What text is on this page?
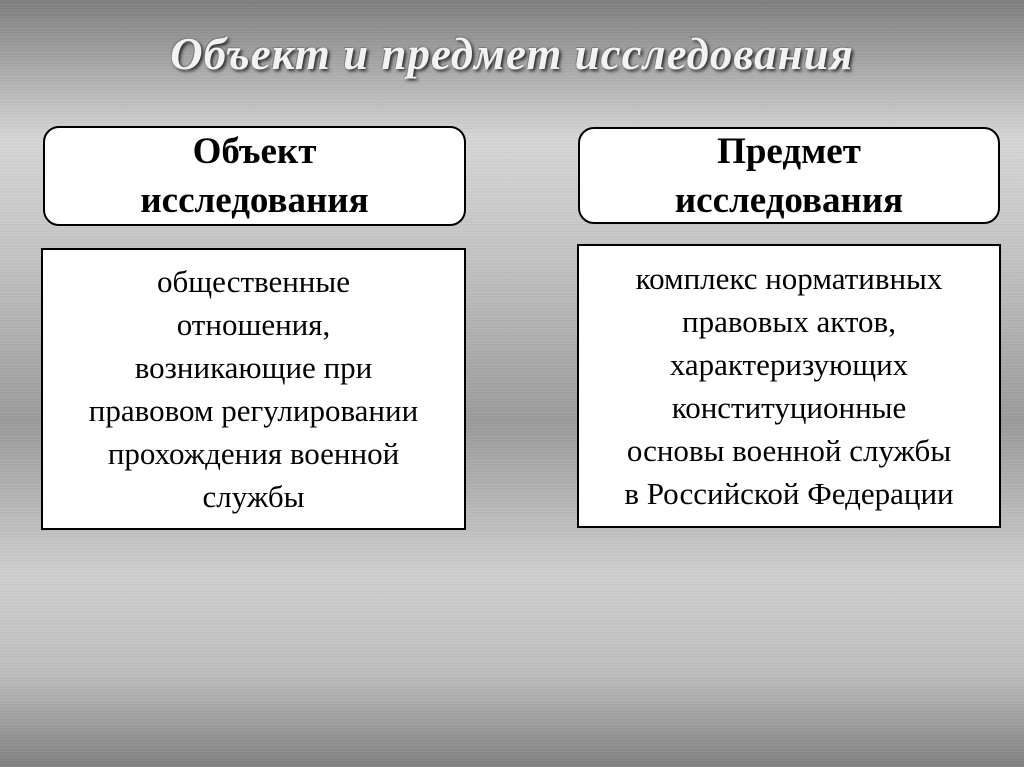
Объект и предмет исследования
Объект
исследования
Предмет
исследования
общественные
отношения,
возникающие при
правовом регулировании
прохождения военной
службы
комплекс нормативных
правовых актов,
характеризующих
конституционные
основы военной службы
в Российской Федерации
